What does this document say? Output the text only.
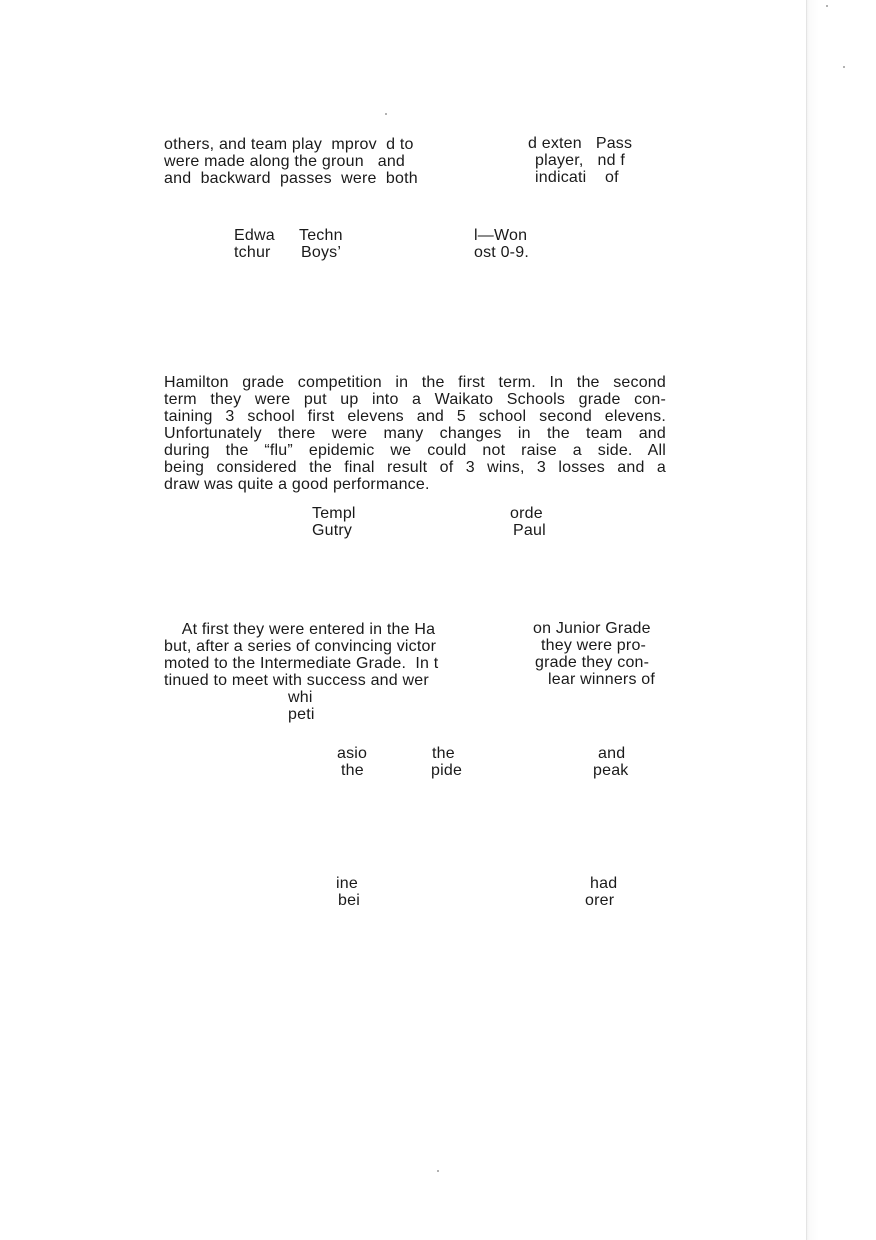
others, and team play  mprov  d to
were made along the groun   and
and  backward  passes  were  both
d exten   Pass
player,   nd f
indicati    of
Edwa
tchur
Techn
Boys’
l—Won
ost 0-9.
Hamilton grade competition in the first term. In the second
term they were put up into a Waikato Schools grade con-
taining 3 school first elevens and 5 school second elevens.
Unfortunately there were many changes in the team and
during the “flu” epidemic we could not raise a side. All
being considered the final result of 3 wins, 3 losses and a
draw was quite a good performance.
Templ
Gutry
orde
Paul
At first they were entered in the Ha
but, after a series of convincing victor
moted to the Intermediate Grade.  In t
tinued to meet with success and wer
on Junior Grade
they were pro-
grade they con-
lear winners of
whi
peti
asio
the
the
pide
and
peak
ine
bei
had
orer
